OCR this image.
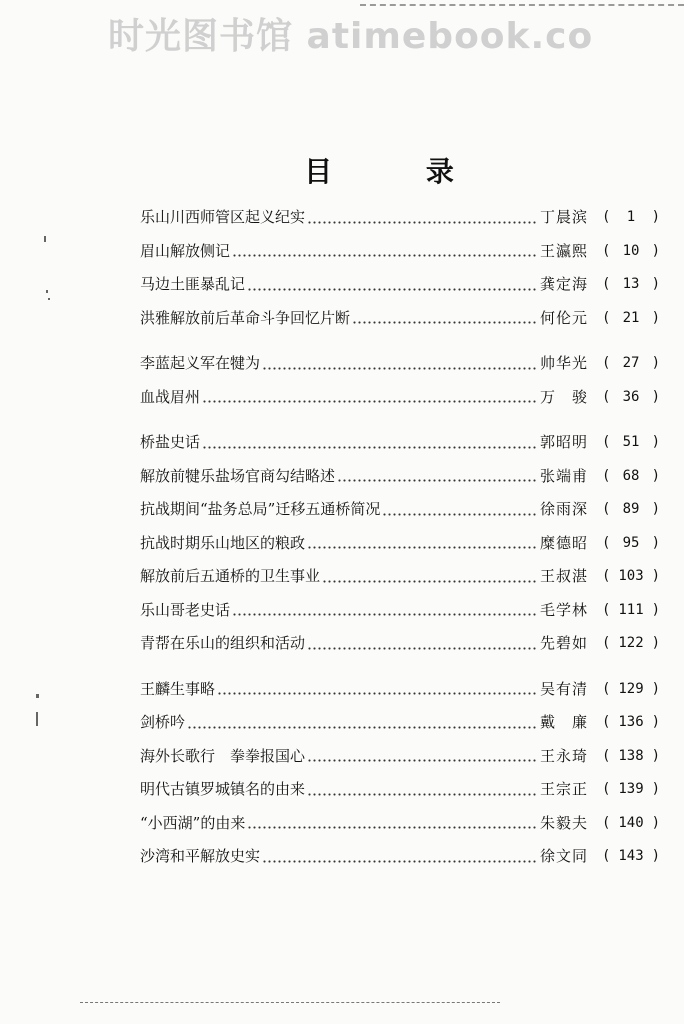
时光图书馆 atimebook.co
目 录
乐山川西师管区起义纪实	丁晨滨 (	1	)
眉山解放侧记	王瀛熙 ( 10 )
马边土匪暴乱记	龚定海 ( 13 )
洪雅解放前后革命斗争回忆片断	何伦元 ( 21 )
李蓝起义军在犍为	帅华光 ( 27 )
血战眉州	万　骏 ( 36 )
桥盐史话	郭昭明 ( 51 )
解放前犍乐盐场官商勾结略述	张端甫 ( 68 )
抗战期间“盐务总局”迁移五通桥简况	徐雨深 ( 89 )
抗战时期乐山地区的粮政	糜德昭 ( 95 )
解放前后五通桥的卫生事业	王叔湛 ( 103 )
乐山哥老史话	毛学林 ( 111 )
青帮在乐山的组织和活动	先碧如 ( 122 )
王麟生事略	吴有清 ( 129 )
剑桥吟	戴　廉 ( 136 )
海外长歌行　拳拳报国心	王永琦 ( 138 )
明代古镇罗城镇名的由来	王宗正 ( 139 )
“小西湖”的由来	朱毅夫 ( 140 )
沙湾和平解放史实	徐文同 ( 143 )
